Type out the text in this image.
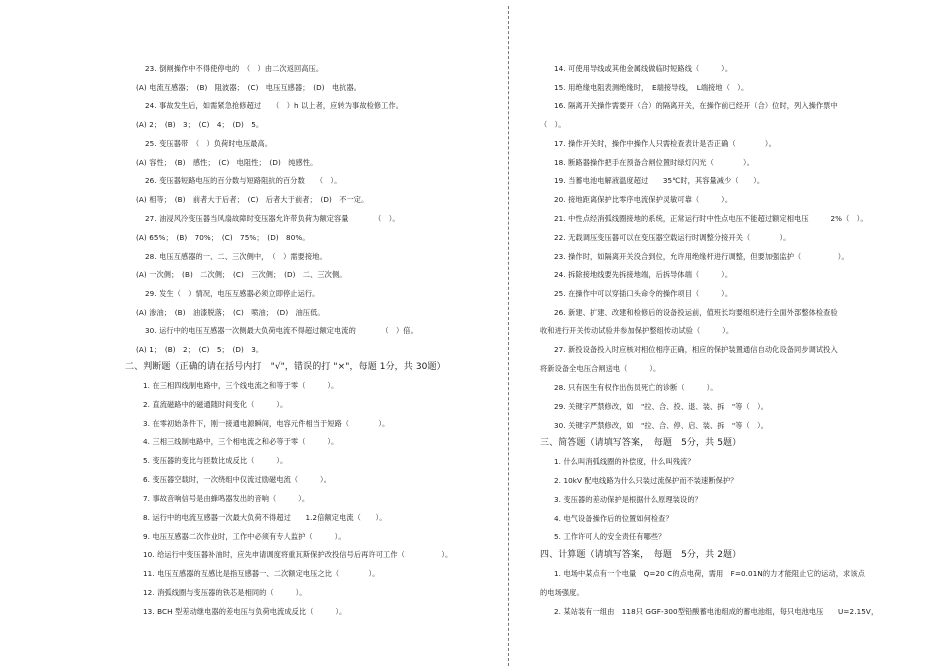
23. 倒闸操作中不得使停电的　（　）由二次返回高压。
(A) 电流互感器；　(B)　阻波器；　(C)　电压互感器；　(D)　电抗器。
24. 事故发生后，如需紧急抢修超过　　（　）h 以上者，应转为事故检修工作。
(A) 2；　(B)　3；　(C)　4；　(D)　5。
25. 变压器带　（　）负荷时电压最高。
(A) 容性；　(B)　感性；　(C)　电阻性；　(D)　纯感性。
26. 变压器短路电压的百分数与短路阻抗的百分数　　（　）。
(A) 相等；　(B)　前者大于后者；　(C)　后者大于前者；　(D)　不一定。
27. 油浸风冷变压器当风扇故障时变压器允许带负荷为额定容量　　　　（　）。
(A) 65%；　(B)　70%；　(C)　75%；　(D)　80%。
28. 电压互感器的一、二、三次侧中，　（　）需要接地。
(A) 一次侧；　(B)　二次侧；　(C)　三次侧；　(D)　二、三次侧。
29. 发生（　）情况，电压互感器必须立即停止运行。
(A) 渗油；　(B)　油漆脱落；　(C)　喷油；　(D)　油压低。
30. 运行中的电压互感器一次侧最大负荷电流不得超过额定电流的　　　　（　）倍。
(A) 1；　(B)　2；　(C)　5；　(D)　3。
二、判断题（正确的请在括号内打　"√"，错误的打 "×"，每题 1分，共 30题）
1. 在三相四线制电路中，三个线电流之和等于零（　　　）。
2. 直流磁路中的磁通随时间变化（　　　）。
3. 在零初始条件下，刚一接通电源瞬间，电容元件相当于短路（　　　　）。
4. 三相三线制电路中，三个相电流之和必等于零（　　　）。
5. 变压器的变比与匝数比成反比（　　　）。
6. 变压器空载时，一次绕组中仅流过励磁电流（　　　）。
7. 事故音响信号是由蜂鸣器发出的音响（　　　）。
8. 运行中的电流互感器一次最大负荷不得超过　　1.2倍额定电流（　　）。
9. 电压互感器二次作业时，工作中必须有专人监护（　　　）。
10. 给运行中变压器补油时，应先申请调度将重瓦斯保护改投信号后再许可工作（　　　　　）。
11. 电压互感器的互感比是指互感器一、二次额定电压之比（　　　　）。
12. 消弧线圈与变压器的铁芯是相同的（　　　）。
13. BCH 型差动继电器的差电压与负荷电流成反比（　　　）。
14. 可使用导线或其他金属线做临时短路线（　　　）。
15. 用绝缘电阻表测绝缘时，　E端接导线，　L端接地（　）。
16. 隔离开关操作需要开（合）的隔离开关，在操作前已经开（合）位时，列入操作票中
（　）。
17. 操作开关时，操作中操作人只需检查表计是否正确（　　　　）。
18. 断路器操作把手在预备合闸位置时绿灯闪光（　　　　）。
19. 当蓄电池电解液温度超过　　35℃时，其容量减少（　　）。
20. 接地距离保护比零序电流保护灵敏可靠（　　　）。
21. 中性点经消弧线圈接地的系统，正常运行时中性点电压不能超过额定相电压　　　2%（　）。
22. 无载调压变压器可以在变压器空载运行时调整分接开关（　　　　）。
23. 操作时，如隔离开关没合到位，允许用绝缘杆进行调整，但要加强监护（　　　　　）。
24. 拆除接地线要先拆接地端，后拆导体端（　　　）。
25. 在操作中可以穿插口头命令的操作项目（　　　）。
26. 新建、扩建、改建和检修后的设备投运前，值班长均要组织进行全面外部整体检查验
收和进行开关传动试验并参加保护整组传动试验（　　　）。
27. 新投设备投入时应核对相位相序正确，相应的保护装置通信自动化设备同步调试投入
将新设备全电压合闸送电（　　　）。
28. 只有医生有权作出伤员死亡的诊断（　　　）。
29. 关键字严禁修改，如　"拉、合、投、退、装、拆　"等（　）。
30. 关键字严禁修改，如　"拉、合、停、启、装、拆　"等（　）。
三、简答题（请填写答案，　每题　5分，共 5题）
1. 什么叫消弧线圈的补偿度，什么叫残流？
2. 10kV 配电线路为什么只装过流保护而不装速断保护？
3. 变压器的差动保护是根据什么原理装设的？
4. 电气设备操作后的位置如何检查？
5. 工作许可人的安全责任有哪些？
四、计算题（请填写答案，　每题　5分，共 2题）
1. 电场中某点有一个电量　Q=20 C的点电荷，需用　F=0.01N的力才能阻止它的运动，求该点
的电场强度。
2. 某站装有一组由　118只 GGF-300型铅酸蓄电池组成的蓄电池组，每只电池电压　　U=2.15V，
